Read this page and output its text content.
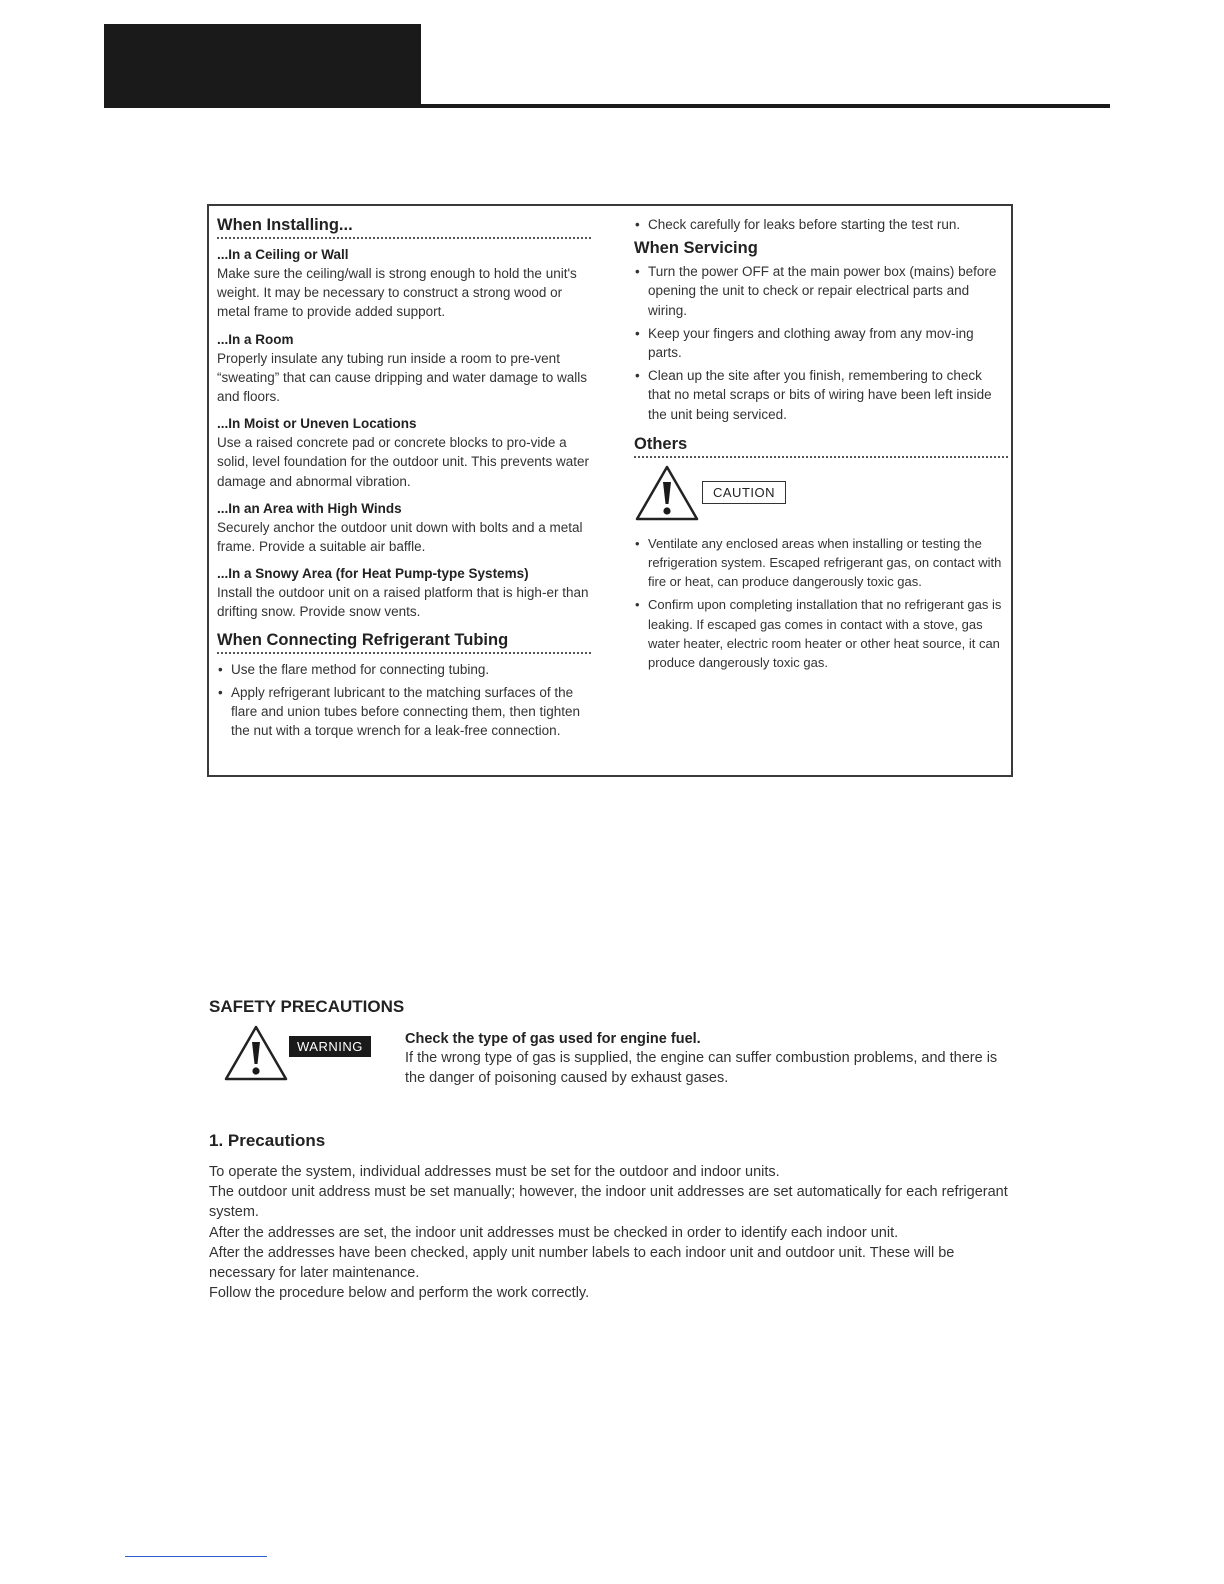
When Installing...

...In a Ceiling or Wall

Make sure the ceiling/wall is strong enough to hold the unit's weight. It may be necessary to construct a strong wood or metal frame to provide added support.

...In a Room

Properly insulate any tubing run inside a room to pre-vent “sweating” that can cause dripping and water damage to walls and floors.

...In Moist or Uneven Locations

Use a raised concrete pad or concrete blocks to pro-vide a solid, level foundation for the outdoor unit. This prevents water damage and abnormal vibration.

...In an Area with High Winds

Securely anchor the outdoor unit down with bolts and a metal frame. Provide a suitable air baffle.

...In a Snowy Area (for Heat Pump-type Systems)

Install the outdoor unit on a raised platform that is high-er than drifting snow. Provide snow vents.

When Connecting Refrigerant Tubing

• Use the flare method for connecting tubing.
• Apply refrigerant lubricant to the matching surfaces of the flare and union tubes before connecting them, then tighten the nut with a torque wrench for a leak-free connection.
• Check carefully for leaks before starting the test run.

When Servicing

• Turn the power OFF at the main power box (mains) before opening the unit to check or repair electrical parts and wiring.
• Keep your fingers and clothing away from any mov-ing parts.
• Clean up the site after you finish, remembering to check that no metal scraps or bits of wiring have been left inside the unit being serviced.

Others

CAUTION
• Ventilate any enclosed areas when installing or testing the refrigeration system. Escaped refrigerant gas, on contact with fire or heat, can produce dangerously toxic gas.
• Confirm upon completing installation that no refrigerant gas is leaking. If escaped gas comes in contact with a stove, gas water heater, electric room heater or other heat source, it can produce dangerously toxic gas.

SAFETY PRECAUTIONS

WARNING	Check the type of gas used for engine fuel.

If the wrong type of gas is supplied, the engine can suffer combustion problems, and there is the danger of poisoning caused by exhaust gases.

1. Precautions

To operate the system, individual addresses must be set for the outdoor and indoor units.

The outdoor unit address must be set manually; however, the indoor unit addresses are set automatically for each refrigerant system.

After the addresses are set, the indoor unit addresses must be checked in order to identify each indoor unit.

After the addresses have been checked, apply unit number labels to each indoor unit and outdoor unit. These will be necessary for later maintenance.

Follow the procedure below and perform the work correctly.
